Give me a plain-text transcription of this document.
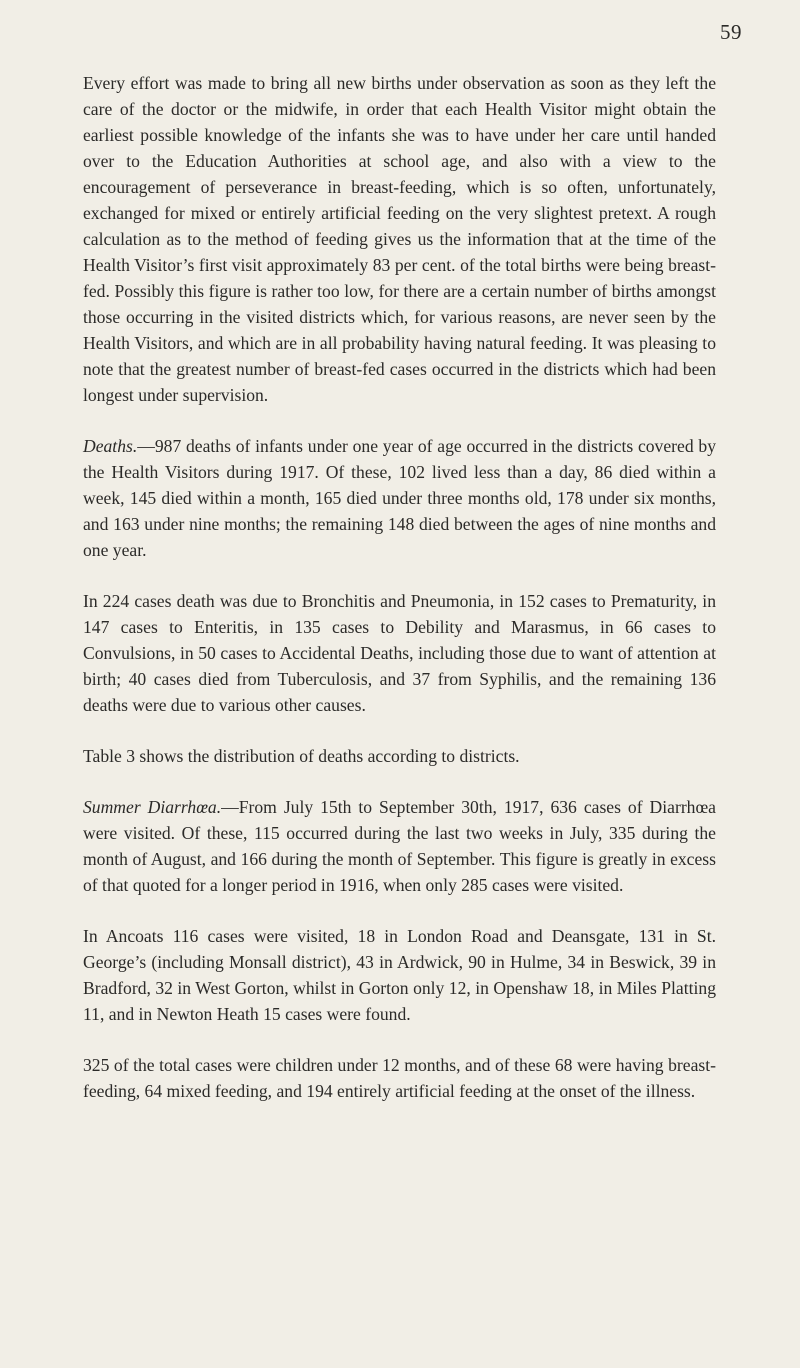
59

Every effort was made to bring all new births under observation as soon as they left the care of the doctor or the midwife, in order that each Health Visitor might obtain the earliest possible knowledge of the infants she was to have under her care until handed over to the Education Authorities at school age, and also with a view to the encouragement of perseverance in breast-feeding, which is so often, unfortunately, exchanged for mixed or entirely artificial feeding on the very slightest pretext. A rough calculation as to the method of feeding gives us the information that at the time of the Health Visitor’s first visit approximately 83 per cent. of the total births were being breast-fed. Possibly this figure is rather too low, for there are a certain number of births amongst those occurring in the visited districts which, for various reasons, are never seen by the Health Visitors, and which are in all probability having natural feeding. It was pleasing to note that the greatest number of breast-fed cases occurred in the districts which had been longest under supervision.

Deaths.—987 deaths of infants under one year of age occurred in the districts covered by the Health Visitors during 1917. Of these, 102 lived less than a day, 86 died within a week, 145 died within a month, 165 died under three months old, 178 under six months, and 163 under nine months; the remaining 148 died between the ages of nine months and one year.

In 224 cases death was due to Bronchitis and Pneumonia, in 152 cases to Prematurity, in 147 cases to Enteritis, in 135 cases to Debility and Marasmus, in 66 cases to Convulsions, in 50 cases to Accidental Deaths, including those due to want of attention at birth; 40 cases died from Tuberculosis, and 37 from Syphilis, and the remaining 136 deaths were due to various other causes.

Table 3 shows the distribution of deaths according to districts.

Summer Diarrhœa.—From July 15th to September 30th, 1917, 636 cases of Diarrhœa were visited. Of these, 115 occurred during the last two weeks in July, 335 during the month of August, and 166 during the month of September. This figure is greatly in excess of that quoted for a longer period in 1916, when only 285 cases were visited.

In Ancoats 116 cases were visited, 18 in London Road and Deansgate, 131 in St. George’s (including Monsall district), 43 in Ardwick, 90 in Hulme, 34 in Beswick, 39 in Bradford, 32 in West Gorton, whilst in Gorton only 12, in Openshaw 18, in Miles Platting 11, and in Newton Heath 15 cases were found.

325 of the total cases were children under 12 months, and of these 68 were having breast-feeding, 64 mixed feeding, and 194 entirely artificial feeding at the onset of the illness.
